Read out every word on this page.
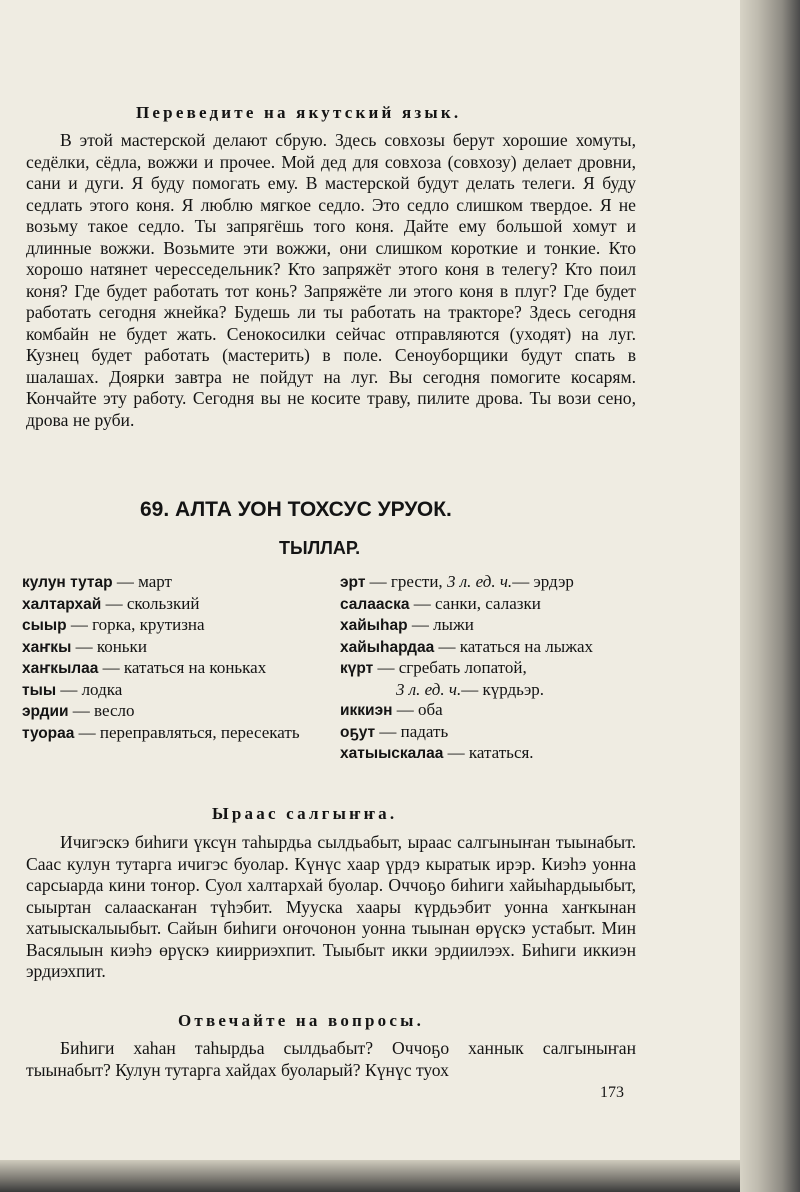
Переведите на якутский язык.

В этой мастерской делают сбрую. Здесь совхозы берут хорошие хомуты, седёлки, сёдла, вожжи и прочее. Мой дед для совхоза (совхозу) делает дровни, сани и дуги. Я буду помогать ему. В мастерской будут делать телеги. Я буду седлать этого коня. Я люблю мягкое седло. Это седло слишком твердое. Я не возьму такое седло. Ты запрягёшь того коня. Дайте ему большой хомут и длинные вожжи. Возьмите эти вожжи, они слишком короткие и тонкие. Кто хорошо натянет чересседельник? Кто запряжёт этого коня в телегу? Кто поил коня? Где будет работать тот конь? Запряжёте ли этого коня в плуг? Где будет работать сегодня жнейка? Будешь ли ты работать на тракторе? Здесь сегодня комбайн не будет жать. Сенокосилки сейчас отправляются (уходят) на луг. Кузнец будет работать (мастерить) в поле. Сеноуборщики будут спать в шалашах. Доярки завтра не пойдут на луг. Вы сегодня помогите косарям. Кончайте эту работу. Сегодня вы не косите траву, пилите дрова. Ты вози сено, дрова не руби.

69. АЛТА УОН ТОХСУС УРУОК.
ТЫЛЛАР.

кулун тутар — март

халтархай — скользкий

сыыр — горка, крутизна

хаҥкы — коньки

хаҥкылаа — кататься на коньках

тыы — лодка

эрдии — весло

туораа — переправляться, пересекать

эрт — грести, 3 л. ед. ч.— эрдэр

салааска — санки, салазки

хайыһар — лыжи

хайыһардаа — кататься на лыжах

күрт — сгребать лопатой,
3 л. ед. ч.— күрдьэр.

иккиэн — оба

оҕут — падать

хатыыскалаа — кататься.

Ыраас салгыҥҥа.

Ичигэскэ биһиги үксүн таһырдьа сылдьабыт, ыраас салгыныҥан тыынабыт. Саас кулун тутарга ичигэс буолар. Күнүс хаар үрдэ кыратык ирэр. Киэһэ уонна сарсыарда кини тоҥор. Суол халтархай буолар. Оччоҕо биһиги хайыһардыыбыт, сыыртан салааскаҥан түһэбит. Мууска хаары күрдьэбит уонна хаҥкынан хатыыскалыыбыт. Сайын биһиги оҥочонон уонна тыынан өрүскэ устабыт. Мин Васялыын киэһэ өрүскэ киирриэхпит. Тыыбыт икки эрдиилээх. Биһиги иккиэн эрдиэхпит.

Отвечайте на вопросы.

Биһиги хаһан таһырдьа сылдьабыт? Оччоҕо ханнык салгыныҥан тыынабыт? Кулун тутарга хайдах буоларый? Күнүс туох

173
